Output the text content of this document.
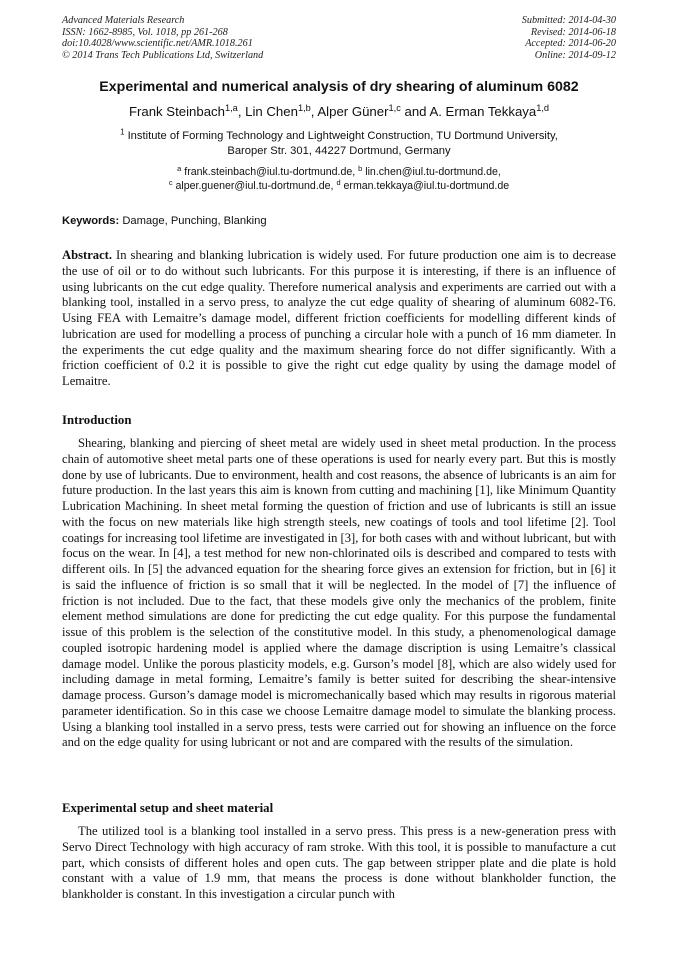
Advanced Materials Research
ISSN: 1662-8985, Vol. 1018, pp 261-268
doi:10.4028/www.scientific.net/AMR.1018.261
© 2014 Trans Tech Publications Ltd, Switzerland
Submitted: 2014-04-30
Revised: 2014-06-18
Accepted: 2014-06-20
Online: 2014-09-12
Experimental and numerical analysis of dry shearing of aluminum 6082
Frank Steinbach$^{1,a}$, Lin Chen$^{1,b}$, Alper Güner$^{1,c}$ and A. Erman Tekkaya$^{1,d}$
$^1$ Institute of Forming Technology and Lightweight Construction, TU Dortmund University,
Baroper Str. 301, 44227 Dortmund, Germany
$^a$ frank.steinbach@iul.tu-dortmund.de, $^b$ lin.chen@iul.tu-dortmund.de,
$^c$ alper.guener@iul.tu-dortmund.de, $^d$ erman.tekkaya@iul.tu-dortmund.de
Keywords: Damage, Punching, Blanking
Abstract. In shearing and blanking lubrication is widely used. For future production one aim is to decrease the use of oil or to do without such lubricants. For this purpose it is interesting, if there is an influence of using lubricants on the cut edge quality. Therefore numerical analysis and experiments are carried out with a blanking tool, installed in a servo press, to analyze the cut edge quality of shearing of aluminum 6082-T6. Using FEA with Lemaitre’s damage model, different friction coefficients for modelling different kinds of lubrication are used for modelling a process of punching a circular hole with a punch of 16 mm diameter. In the experiments the cut edge quality and the maximum shearing force do not differ significantly. With a friction coefficient of 0.2 it is possible to give the right cut edge quality by using the damage model of Lemaitre.
Introduction
Shearing, blanking and piercing of sheet metal are widely used in sheet metal production. In the process chain of automotive sheet metal parts one of these operations is used for nearly every part. But this is mostly done by use of lubricants. Due to environment, health and cost reasons, the absence of lubricants is an aim for future production. In the last years this aim is known from cutting and machining [1], like Minimum Quantity Lubrication Machining. In sheet metal forming the question of friction and use of lubricants is still an issue with the focus on new materials like high strength steels, new coatings of tools and tool lifetime [2]. Tool coatings for increasing tool lifetime are investigated in [3], for both cases with and without lubricant, but with focus on the wear. In [4], a test method for new non-chlorinated oils is described and compared to tests with different oils. In [5] the advanced equation for the shearing force gives an extension for friction, but in [6] it is said the influence of friction is so small that it will be neglected. In the model of [7] the influence of friction is not included. Due to the fact, that these models give only the mechanics of the problem, finite element method simulations are done for predicting the cut edge quality. For this purpose the fundamental issue of this problem is the selection of the constitutive model. In this study, a phenomenological damage coupled isotropic hardening model is applied where the damage discription is using Lemaitre’s classical damage model. Unlike the porous plasticity models, e.g. Gurson’s model [8], which are also widely used for including damage in metal forming, Lemaitre’s family is better suited for describing the shear-intensive damage process. Gurson’s damage model is micromechanically based which may results in rigorous material parameter identification. So in this case we choose Lemaitre damage model to simulate the blanking process. Using a blanking tool installed in a servo press, tests were carried out for showing an influence on the force and on the edge quality for using lubricant or not and are compared with the results of the simulation.
Experimental setup and sheet material
The utilized tool is a blanking tool installed in a servo press. This press is a new-generation press with Servo Direct Technology with high accuracy of ram stroke. With this tool, it is possible to manufacture a cut part, which consists of different holes and open cuts. The gap between stripper plate and die plate is hold constant with a value of 1.9 mm, that means the process is done without blankholder function, the blankholder is constant. In this investigation a circular punch with
